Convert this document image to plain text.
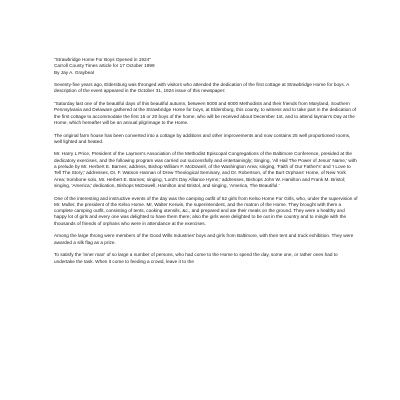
"Strawbridge Home For Boys Opened in 1924"

Carroll County Times article for 17 October 1999

By Jay A. Graybeal

Seventy-five years ago, Eldersburg was thronged with visitors who attended the dedication of the first cottage at Strawbridge Home for boys. A description of the event appeared in the October 31, 1924 issue of this newspaper:

"Saturday last one of the beautiful days of this beautiful autumn, between 5000 and 6000 Methodists and their friends from Maryland, Southern Pennsylvania and Delaware gathered at the Strawbridge Home for boys, at Eldersburg, this county, to witness and to take part in the dedication of the first cottage to accommodate the first 15 or 20 boys of the home, who will be received about December 1st, and to attend layman's Day at the Home, which hereafter will be an annual pilgrimage to the Home.

The original farm house has been converted into a cottage by additions and other improvements and now contains 25 well proportioned rooms, well lighted and heated.

Mr. Harry L Price, President of the Laymen's Association of the Methodist Episcopal Congregations of the Baltimore Conference, presided at the dedicatory exercises, and the following program was carried out successfully and entertainingly; Singing, 'All Hail The Power of Jesus' Name,' with a prelude by Mr. Herbert E. Barnes; address, Bishop William F. McDowell, of the Washington Area; singing, 'Faith of Our Father's' and 'I Love to Tell The Story;' addresses, Dr. F. Watson Hannan of Drew Theological Seminary, and Dr. Robertson, of the Burt Orphans' Home, of New York Area; trombone solo, Mr. Herbert E. Barnes; singing, 'Lord's Day Alliance Hymn;' addresses, Bishops John W. Hamilton and Frank M. Bristol; singing, 'America;' dedication, Bishops McDowell, Hamilton and Bristol, and singing, 'America, The Beautiful.'

One of the interesting and instructive events of the day was the camping outfit of 52 girls from Kelso Home For Girls, who, under the supervision of Mr. Muller, the president of the Kelso Home. Mr. Walter Kerwin, the superintendent, and the matron of the Home. They brought with them a complete camping outfit, consisting of tents, cooking utensils, &c., and prepared and ate their meals on the ground. They were a healthy and happy lot of girls and every one was delighted to have them there; also the girls were delighted to be out in the country and to mingle with the thousands of friends of orphans who were in attendance at the exercises.

Among the large throng were members of the Good Wills Industries' boys and girls from Baltimore, with their tent and truck exhibition. They were awarded a silk flag as a prize.

To satisfy the 'inner man' of so large a number of persons, who had come to the Home to spend the day, some one, or rather ones had to undertake the task. When it come to feeding a crowd, leave it to the
